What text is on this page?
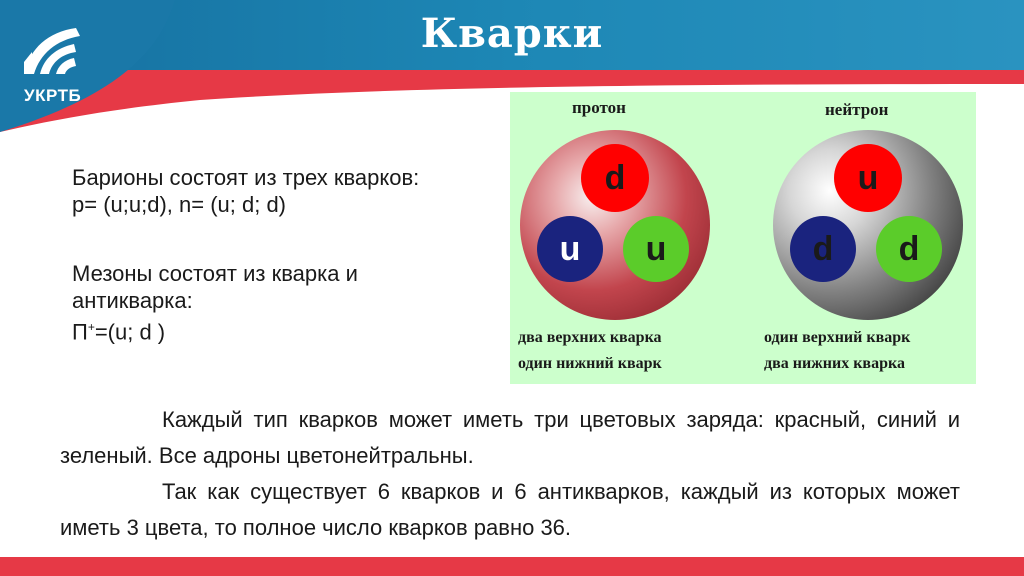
Кварки
УКРТБ

Барионы состоят из трех кварков:
p= (u;u;d), n= (u; d; d)

Мезоны состоят из кварка и
антикварка:
П+=(u; d )

протон
d
u	u
два верхних кварка
один нижний кварк
нейтрон
u
d	d
один верхний кварк
два нижних кварка

Каждый тип кварков может иметь три цветовых заряда: красный, синий и зеленый. Все адроны цветонейтральны.

Так как существует 6 кварков и 6 антикварков, каждый из которых может иметь 3 цвета, то полное число кварков равно 36.
